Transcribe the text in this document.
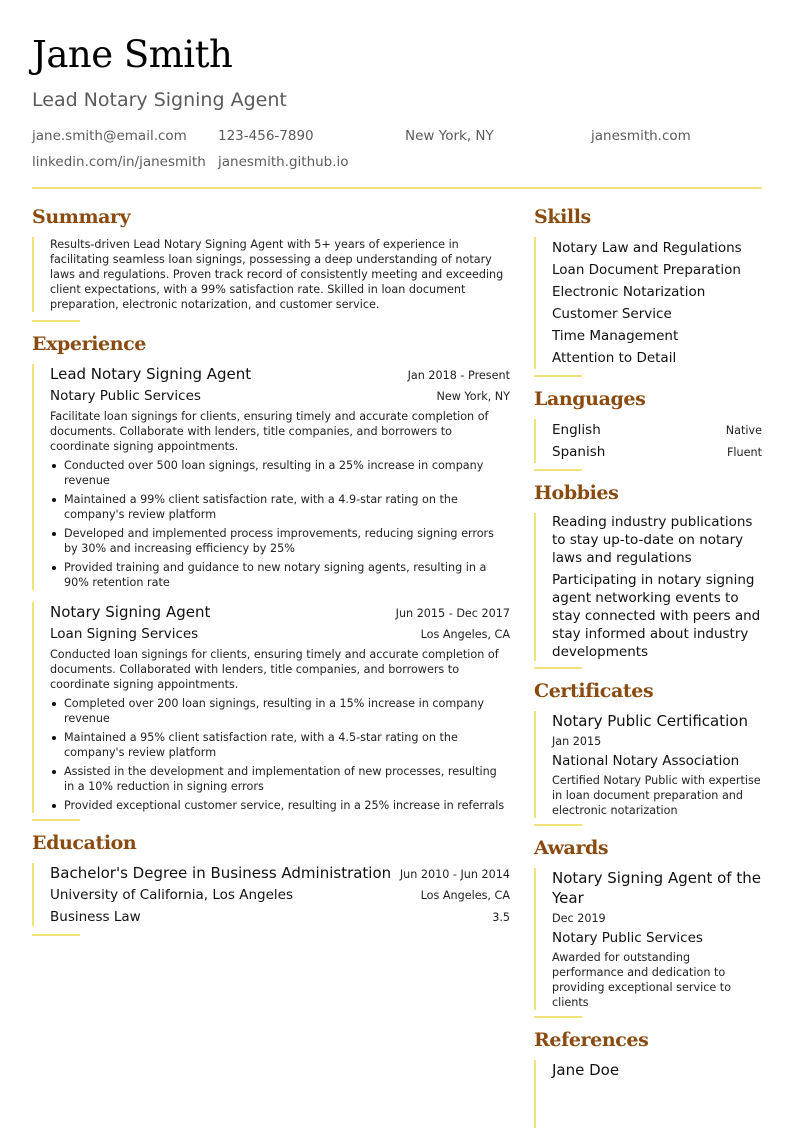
Jane Smith
Lead Notary Signing Agent
jane.smith@email.com 123-456-7890	New York, NY	janesmith.com
linkedin.com/in/janesmith janesmith.github.io
Summary
Results-driven Lead Notary Signing Agent with 5+ years of experience in facilitating seamless loan signings, possessing a deep understanding of notary laws and regulations. Proven track record of consistently meeting and exceeding client expectations, with a 99% satisfaction rate. Skilled in loan document preparation, electronic notarization, and customer service.
Experience
Lead Notary Signing Agent	Jan 2018 - Present
Notary Public Services	New York, NY
Facilitate loan signings for clients, ensuring timely and accurate completion of documents. Collaborate with lenders, title companies, and borrowers to coordinate signing appointments.
Conducted over 500 loan signings, resulting in a 25% increase in company revenue
Maintained a 99% client satisfaction rate, with a 4.9-star rating on the company's review platform
Developed and implemented process improvements, reducing signing errors by 30% and increasing efficiency by 25%
Provided training and guidance to new notary signing agents, resulting in a 90% retention rate
Notary Signing Agent	Jun 2015 - Dec 2017
Loan Signing Services	Los Angeles, CA
Conducted loan signings for clients, ensuring timely and accurate completion of documents. Collaborated with lenders, title companies, and borrowers to coordinate signing appointments.
Completed over 200 loan signings, resulting in a 15% increase in company revenue
Maintained a 95% client satisfaction rate, with a 4.5-star rating on the company's review platform
Assisted in the development and implementation of new processes, resulting in a 10% reduction in signing errors
Provided exceptional customer service, resulting in a 25% increase in referrals
Education
Bachelor's Degree in Business Administration Jun 2010 - Jun 2014
University of California, Los Angeles	Los Angeles, CA
Business Law	3.5
Skills
Notary Law and Regulations
Loan Document Preparation
Electronic Notarization
Customer Service
Time Management
Attention to Detail
Languages
English	Native
Spanish	Fluent
Hobbies
Reading industry publications to stay up-to-date on notary laws and regulations
Participating in notary signing agent networking events to stay connected with peers and stay informed about industry developments
Certificates
Notary Public Certification
Jan 2015
National Notary Association
Certified Notary Public with expertise in loan document preparation and electronic notarization
Awards
Notary Signing Agent of the Year
Dec 2019
Notary Public Services
Awarded for outstanding performance and dedication to providing exceptional service to clients
References
Jane Doe
